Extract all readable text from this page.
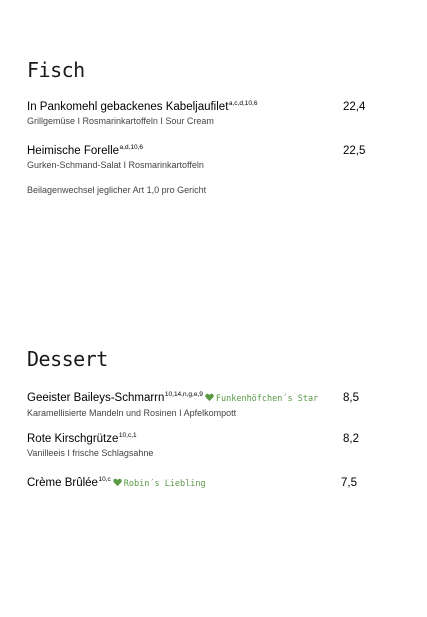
Fisch
In Pankomehl gebackenes Kabeljaufilet$^{a,c,d,10,6}$
Grillgemüse I Rosmarinkartoffeln I Sour Cream
22,4
Heimische Forelle$^{a,d,10,6}$
Gurken-Schmand-Salat I Rosmarinkartoffeln
22,5
Beilagenwechsel jeglicher Art 1,0 pro Gericht
Dessert
Geeister Baileys-Schmarrn$^{10,14,n,g,e,9}$ Funkenhöfchen´s Star
Karamellisierte Mandeln und Rosinen I Apfelkompott
8,5
Rote Kirschgrütze$^{10,c,1}$
Vanilleeis I frische Schlagsahne
8,2
Crème Brûlée$^{10,c}$ Robin´s Liebling	7,5
